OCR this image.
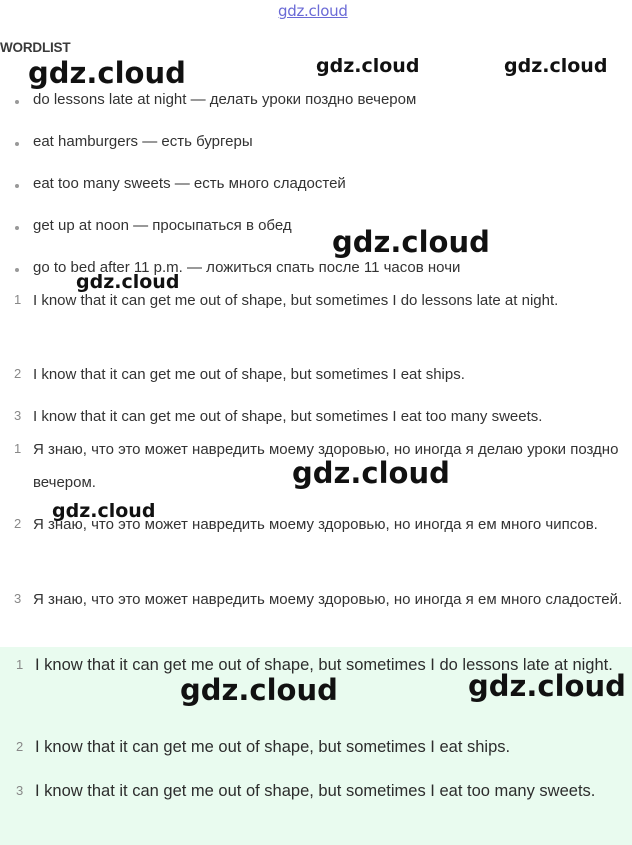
gdz.cloud
WORDLIST
do lessons late at night — делать уроки поздно вечером
eat hamburgers — есть бургеры
eat too many sweets — есть много сладостей
get up at noon — просыпаться в обед
go to bed after 11 p.m. — ложиться спать после 11 часов ночи
1 I know that it can get me out of shape, but sometimes I do lessons late at night.
2 I know that it can get me out of shape, but sometimes I eat ships.
3 I know that it can get me out of shape, but sometimes I eat too many sweets.
1 Я знаю, что это может навредить моему здоровью, но иногда я делаю уроки поздно вечером.
2 Я знаю, что это может навредить моему здоровью, но иногда я ем много чипсов.
3 Я знаю, что это может навредить моему здоровью, но иногда я ем много сладостей.
1 I know that it can get me out of shape, but sometimes I do lessons late at night.
2 I know that it can get me out of shape, but sometimes I eat ships.
3 I know that it can get me out of shape, but sometimes I eat too many sweets.
gdz.cloud	gdz.cloud	gdz.cloud
gdz.cloud
gdz.cloud
gdz.cloud
gdz.cloud
gdz.cloud	gdz.cloud
